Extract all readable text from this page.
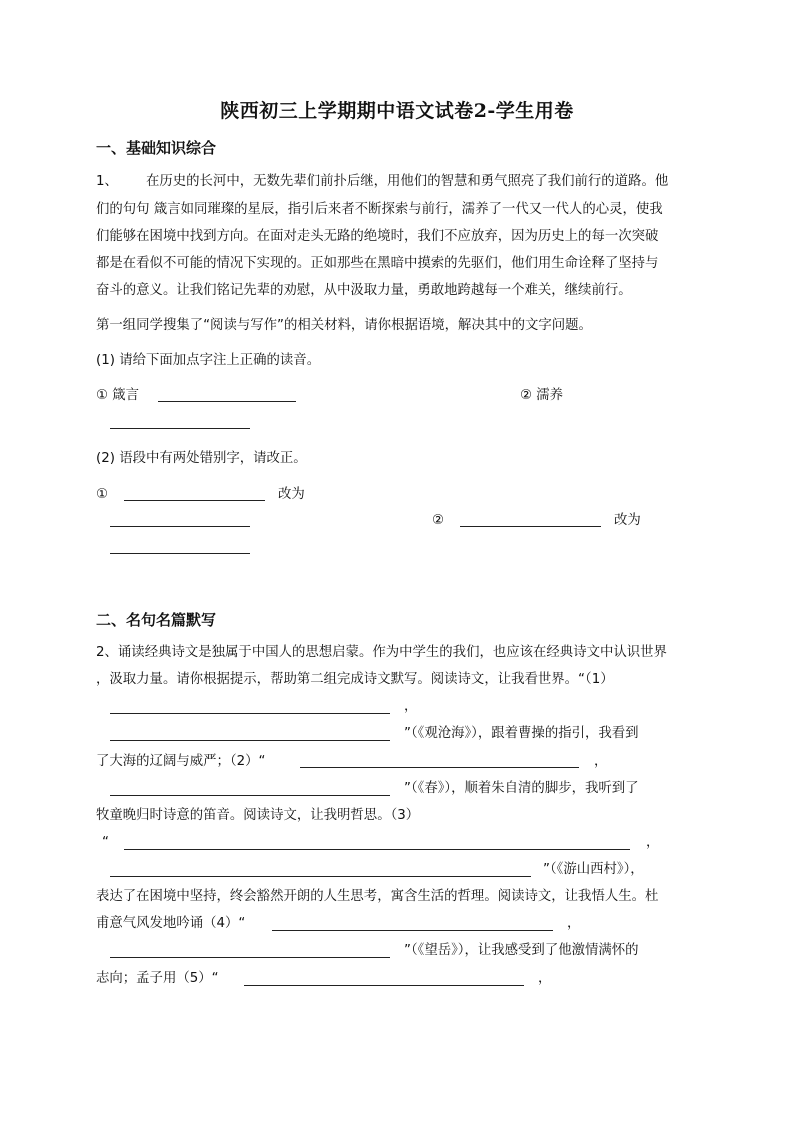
陕西初三上学期期中语文试卷2-学生用卷
一、基础知识综合
1、 在历史的长河中，无数先辈们前扑后继，用他们的智慧和勇气照亮了我们前行的道路。他
们的句句 箴言如同璀璨的星辰，指引后来者不断探索与前行，濡养了一代又一代人的心灵，使我
们能够在困境中找到方向。在面对走头无路的绝境时，我们不应放弃，因为历史上的每一次突破
都是在看似不可能的情况下实现的。正如那些在黑暗中摸索的先驱们，他们用生命诠释了坚持与
奋斗的意义。让我们铭记先辈的劝慰，从中汲取力量，勇敢地跨越每一个难关，继续前行。
第一组同学搜集了“阅读与写作”的相关材料，请你根据语境，解决其中的文字问题。
(1) 请给下面加点字注上正确的读音。
① 箴言	② 濡养
(2) 语段中有两处错别字，请改正。
①	改为
②	改为
二、名句名篇默写
2、诵读经典诗文是独属于中国人的思想启蒙。作为中学生的我们，也应该在经典诗文中认识世界
，汲取力量。请你根据提示，帮助第二组完成诗文默写。阅读诗文，让我看世界。“（1）
，
”（《观沧海》），跟着曹操的指引，我看到
了大海的辽阔与威严；（2）“	，
”（《春》），顺着朱自清的脚步，我听到了
牧童晚归时诗意的笛音。阅读诗文，让我明哲思。（3）
“	，
”（《游山西村》），
表达了在困境中坚持，终会豁然开朗的人生思考，寓含生活的哲理。阅读诗文，让我悟人生。杜
甫意气风发地吟诵（4）“	，
”（《望岳》），让我感受到了他激情满怀的
志向；孟子用（5）“	，
